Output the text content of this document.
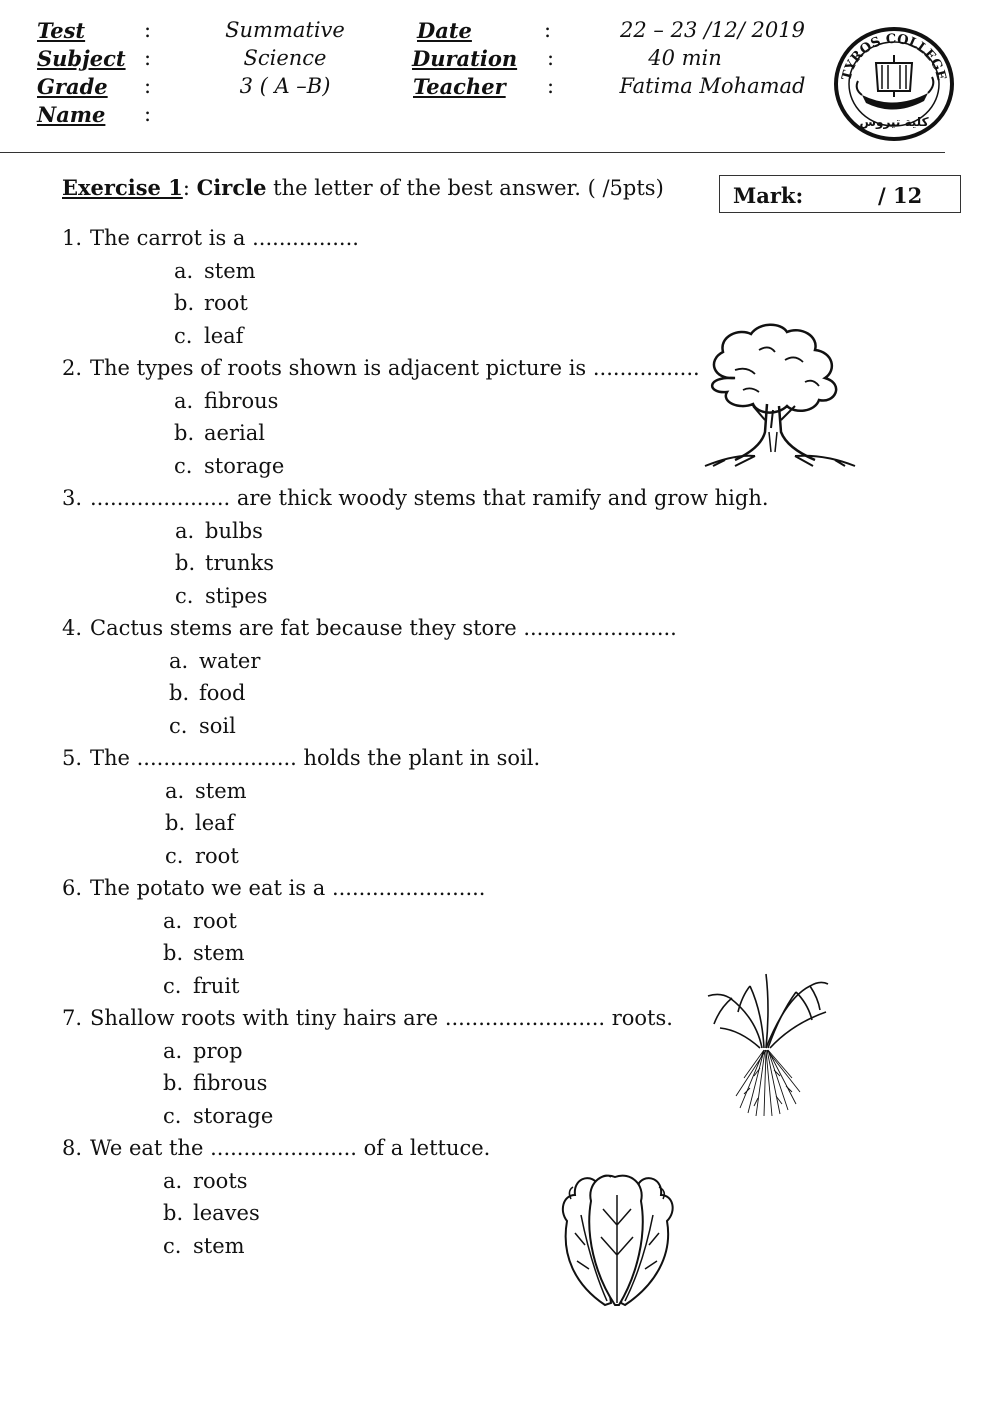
Test	:	Summative
Subject :	Science
Grade :	3 ( A –B)
Name :
Date	:	22 – 23 /12/ 2019
Duration :	40 min
Teacher :	Fatima Mohamad	TYROS COLLEGE
كلية تيروس
Exercise 1: Circle the letter of the best answer. ( /5pts)	Mark:	/ 12
1. The carrot is a ................
a. stem
b. root
c. leaf
2. The types of roots shown is adjacent picture is ................
a. fibrous
b. aerial
c. storage
3. ..................... are thick woody stems that ramify and grow high.
a. bulbs
b. trunks
c. stipes
4. Cactus stems are fat because they store .......................
a. water
b. food
c. soil
5. The ........................ holds the plant in soil.
a. stem
b. leaf
c. root
6. The potato we eat is a .......................
a. root
b. stem
c. fruit
7. Shallow roots with tiny hairs are ........................ roots.
a. prop
b. fibrous
c. storage
8. We eat the ...................... of a lettuce.
a. roots
b. leaves
c. stem
